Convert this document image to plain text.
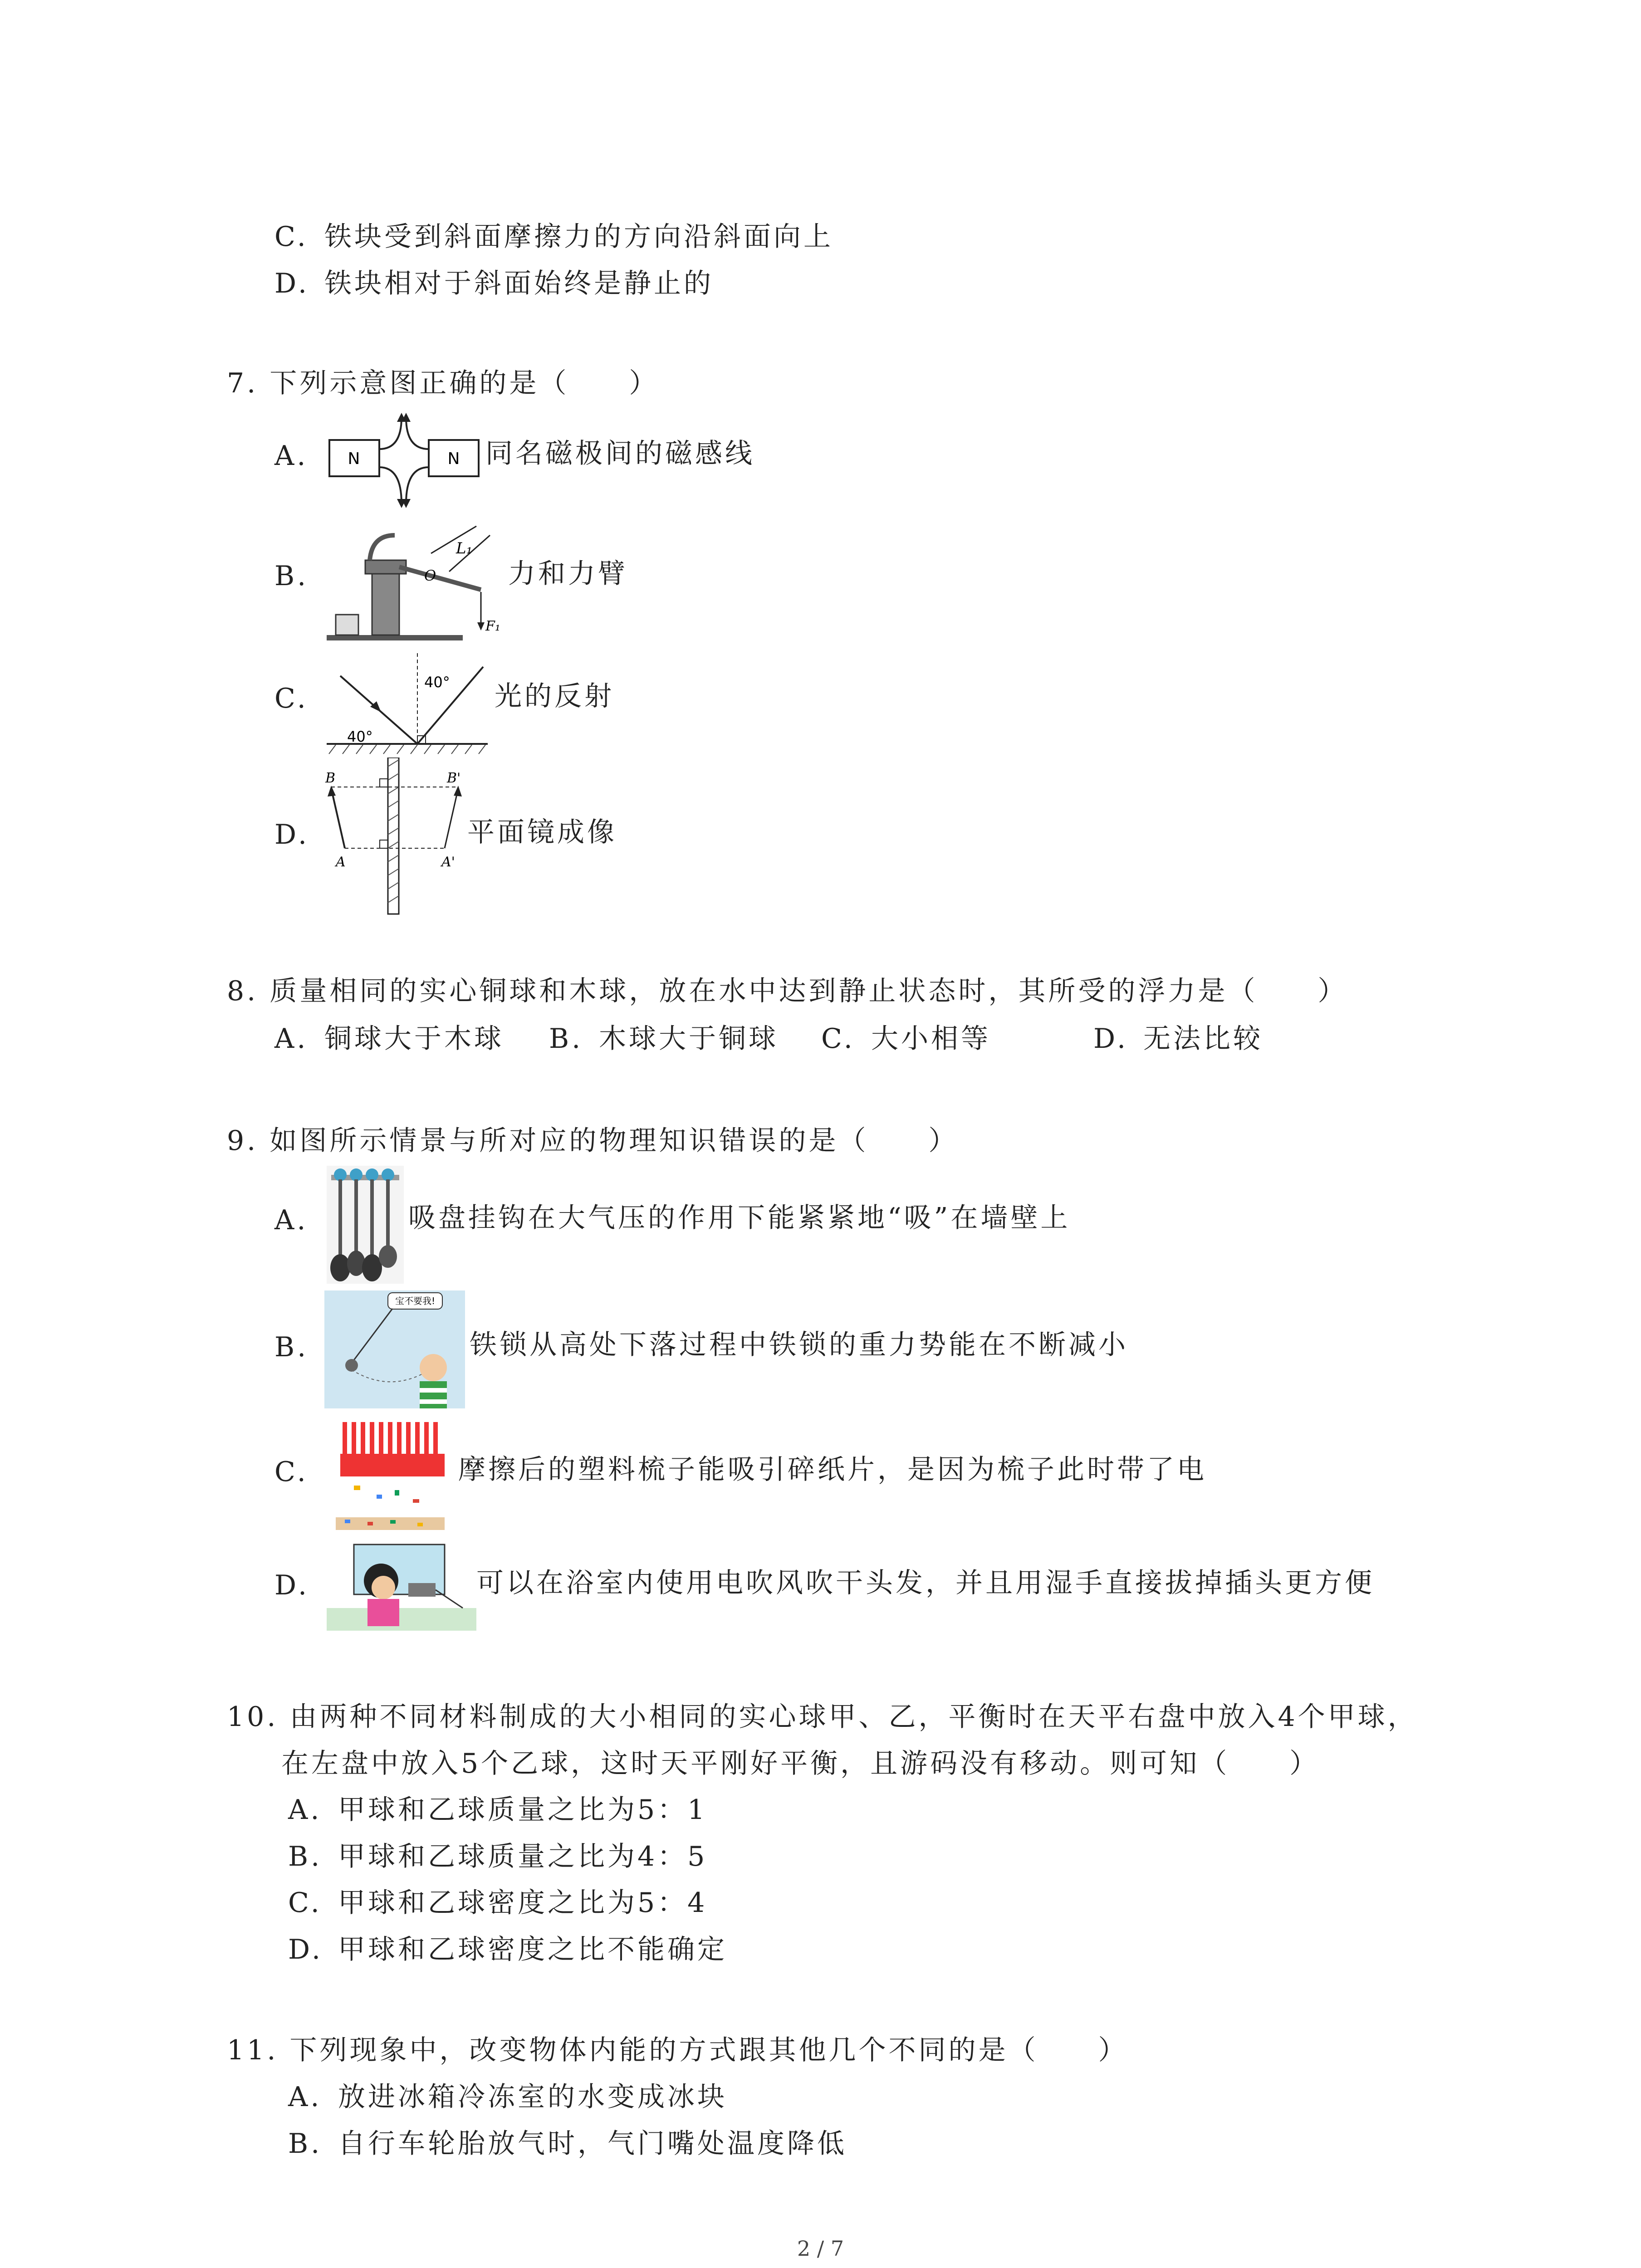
C. 铁块受到斜面摩擦力的方向沿斜面向上
D. 铁块相对于斜面始终是静止的
7. 下列示意图正确的是（　　）
A. N	N 同名磁极间的磁感线
B.
L₁
O
F₁
力和力臂
C.
40°
40°
光的反射
D.
B	B'
A	A'
平面镜成像
8. 质量相同的实心铜球和木球，放在水中达到静止状态时，其所受的浮力是（　　）
A. 铜球大于木球 B. 木球大于铜球 C. 大小相等	D. 无法比较
9. 如图所示情景与所对应的物理知识错误的是（　　）
A.	吸盘挂钩在大气压的作用下能紧紧地“吸”在墙壁上
B.
宝不要我!
铁锁从高处下落过程中铁锁的重力势能在不断减小
C.	摩擦后的塑料梳子能吸引碎纸片，是因为梳子此时带了电
D.	可以在浴室内使用电吹风吹干头发，并且用湿手直接拔掉插头更方便
10. 由两种不同材料制成的大小相同的实心球甲、乙，平衡时在天平右盘中放入4个甲球，
在左盘中放入5个乙球，这时天平刚好平衡，且游码没有移动。则可知（　　）
A. 甲球和乙球质量之比为5：1
B. 甲球和乙球质量之比为4：5
C. 甲球和乙球密度之比为5：4
D. 甲球和乙球密度之比不能确定
11. 下列现象中，改变物体内能的方式跟其他几个不同的是（　　）
A. 放进冰箱冷冻室的水变成冰块
B. 自行车轮胎放气时，气门嘴处温度降低
2 / 7
